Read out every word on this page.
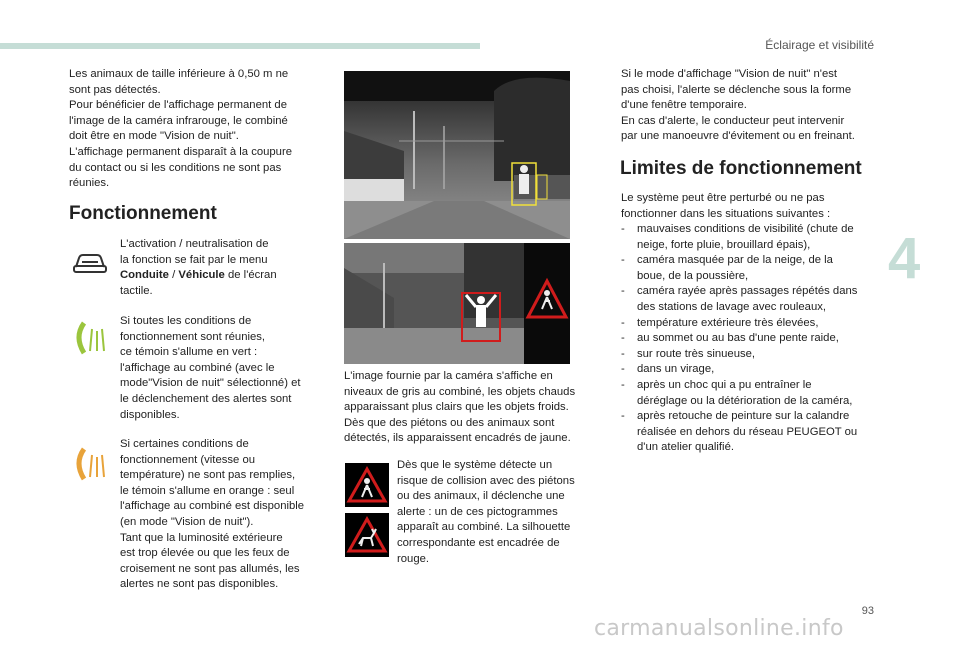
Éclairage et visibilité
4
Les animaux de taille inférieure à 0,50 m ne
sont pas détectés.
Pour bénéficier de l'affichage permanent de
l'image de la caméra infrarouge, le combiné
doit être en mode "Vision de nuit".
L'affichage permanent disparaît à la coupure
du contact ou si les conditions ne sont pas
réunies.
Fonctionnement
L'activation / neutralisation de
la fonction se fait par le menu
Conduite / Véhicule de l'écran
tactile.
Si toutes les conditions de
fonctionnement sont réunies,
ce témoin s'allume en vert :
l'affichage au combiné (avec le
mode"Vision de nuit" sélectionné) et
le déclenchement des alertes sont
disponibles.
Si certaines conditions de
fonctionnement (vitesse ou
température) ne sont pas remplies,
le témoin s'allume en orange : seul
l'affichage au combiné est disponible
(en mode "Vision de nuit").
Tant que la luminosité extérieure
est trop élevée ou que les feux de
croisement ne sont pas allumés, les
alertes ne sont pas disponibles.
L'image fournie par la caméra s'affiche en
niveaux de gris au combiné, les objets chauds
apparaissant plus clairs que les objets froids.
Dès que des piétons ou des animaux sont
détectés, ils apparaissent encadrés de jaune.
Dès que le système détecte un
risque de collision avec des piétons
ou des animaux, il déclenche une
alerte : un de ces pictogrammes
apparaît au combiné. La silhouette
correspondante est encadrée de
rouge.
Si le mode d'affichage "Vision de nuit" n'est
pas choisi, l'alerte se déclenche sous la forme
d'une fenêtre temporaire.
En cas d'alerte, le conducteur peut intervenir
par une manoeuvre d'évitement ou en freinant.
Limites de fonctionnement
Le système peut être perturbé ou ne pas
fonctionner dans les situations suivantes :
- mauvaises conditions de visibilité (chute de
neige, forte pluie, brouillard épais),
- caméra masquée par de la neige, de la
boue, de la poussière,
- caméra rayée après passages répétés dans
des stations de lavage avec rouleaux,
- température extérieure très élevées,
- au sommet ou au bas d'une pente raide,
- sur route très sinueuse,
- dans un virage,
- après un choc qui a pu entraîner le
déréglage ou la détérioration de la caméra,
- après retouche de peinture sur la calandre
réalisée en dehors du réseau PEUGEOT ou
d'un atelier qualifié.
93
carmanualsonline.info
